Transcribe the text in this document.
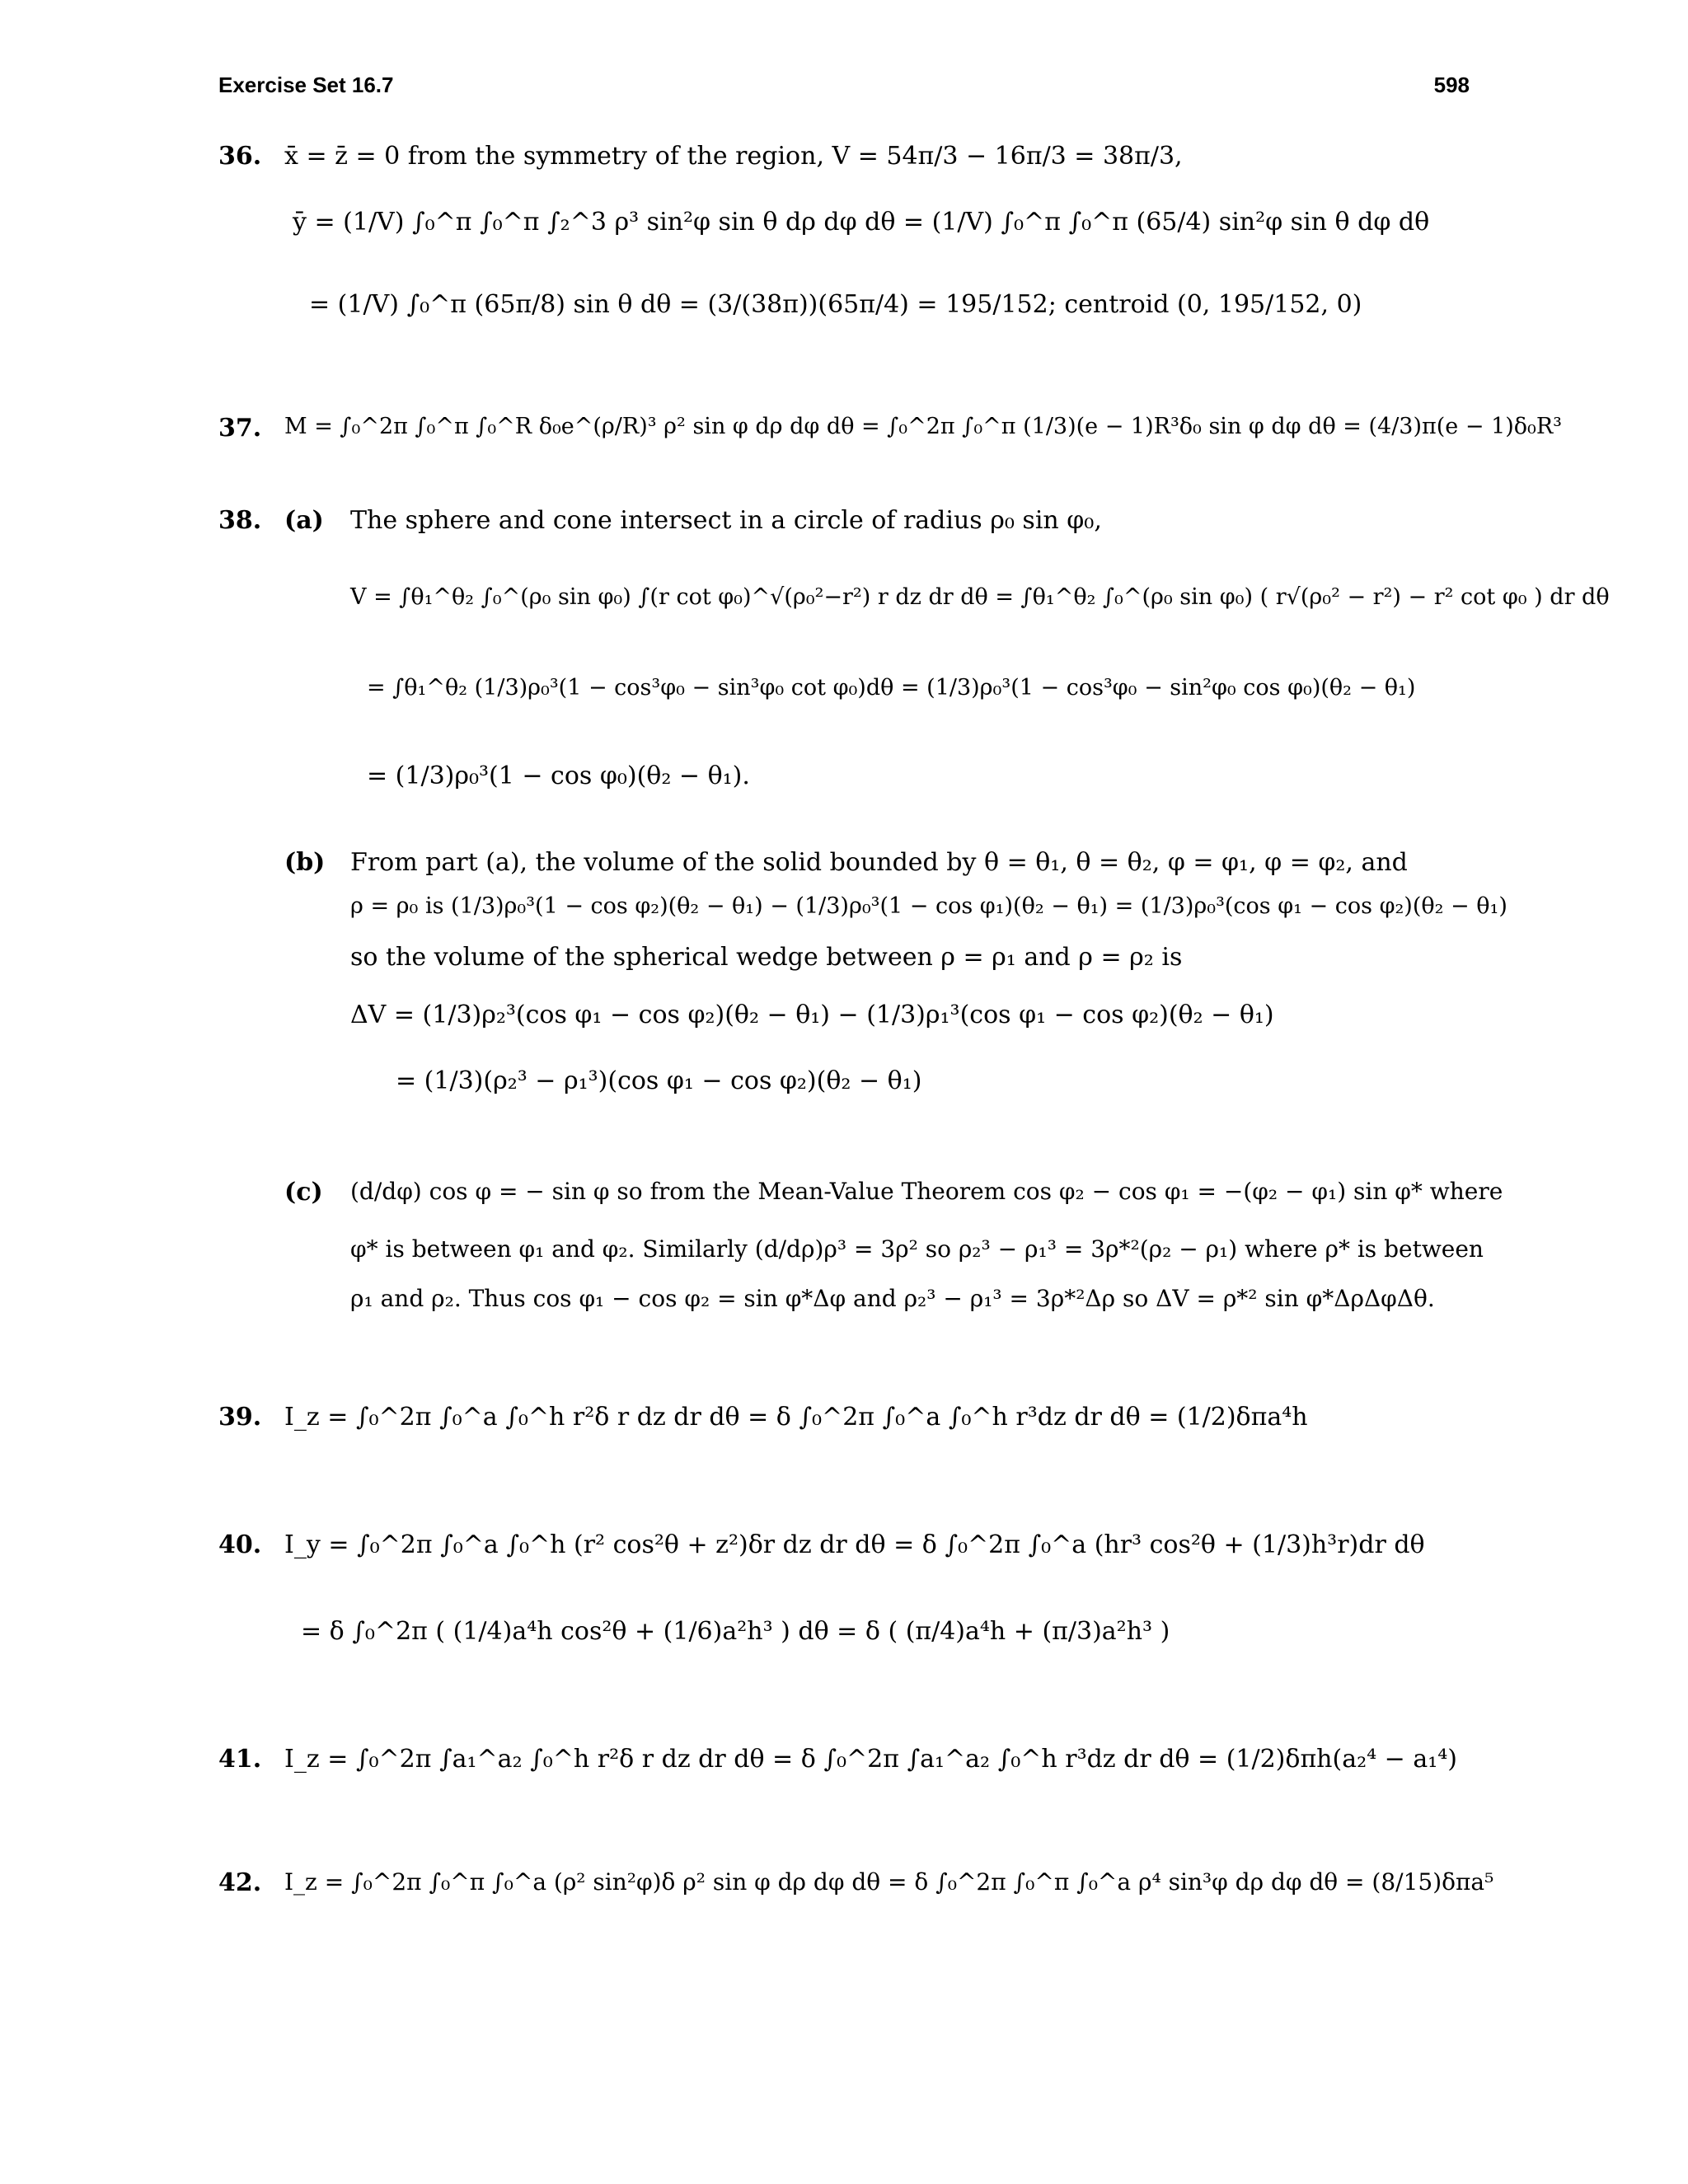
Exercise Set 16.7	598
36. x̄ = z̄ = 0 from the symmetry of the region, V = 54π/3 − 16π/3 = 38π/3,
ȳ = (1/V) ∫₀^π ∫₀^π ∫₂^3 ρ³ sin²φ sin θ dρ dφ dθ = (1/V) ∫₀^π ∫₀^π (65/4) sin²φ sin θ dφ dθ
= (1/V) ∫₀^π (65π/8) sin θ dθ = (3/(38π))(65π/4) = 195/152; centroid (0, 195/152, 0)
37. M = ∫₀^2π ∫₀^π ∫₀^R δ₀e^(ρ/R)³ ρ² sin φ dρ dφ dθ = ∫₀^2π ∫₀^π (1/3)(e − 1)R³δ₀ sin φ dφ dθ = (4/3)π(e − 1)δ₀R³
38. (a) The sphere and cone intersect in a circle of radius ρ₀ sin φ₀,
V = ∫θ₁^θ₂ ∫₀^(ρ₀ sin φ₀) ∫(r cot φ₀)^√(ρ₀²−r²) r dz dr dθ = ∫θ₁^θ₂ ∫₀^(ρ₀ sin φ₀) ( r√(ρ₀² − r²) − r² cot φ₀ ) dr dθ
= ∫θ₁^θ₂ (1/3)ρ₀³(1 − cos³φ₀ − sin³φ₀ cot φ₀)dθ = (1/3)ρ₀³(1 − cos³φ₀ − sin²φ₀ cos φ₀)(θ₂ − θ₁)
= (1/3)ρ₀³(1 − cos φ₀)(θ₂ − θ₁).
(b) From part (a), the volume of the solid bounded by θ = θ₁, θ = θ₂, φ = φ₁, φ = φ₂, and
ρ = ρ₀ is (1/3)ρ₀³(1 − cos φ₂)(θ₂ − θ₁) − (1/3)ρ₀³(1 − cos φ₁)(θ₂ − θ₁) = (1/3)ρ₀³(cos φ₁ − cos φ₂)(θ₂ − θ₁)
so the volume of the spherical wedge between ρ = ρ₁ and ρ = ρ₂ is
ΔV = (1/3)ρ₂³(cos φ₁ − cos φ₂)(θ₂ − θ₁) − (1/3)ρ₁³(cos φ₁ − cos φ₂)(θ₂ − θ₁)
= (1/3)(ρ₂³ − ρ₁³)(cos φ₁ − cos φ₂)(θ₂ − θ₁)
(c) (d/dφ) cos φ = − sin φ so from the Mean-Value Theorem cos φ₂ − cos φ₁ = −(φ₂ − φ₁) sin φ* where
φ* is between φ₁ and φ₂. Similarly (d/dρ)ρ³ = 3ρ² so ρ₂³ − ρ₁³ = 3ρ*²(ρ₂ − ρ₁) where ρ* is between
ρ₁ and ρ₂. Thus cos φ₁ − cos φ₂ = sin φ*Δφ and ρ₂³ − ρ₁³ = 3ρ*²Δρ so ΔV = ρ*² sin φ*ΔρΔφΔθ.
39. I_z = ∫₀^2π ∫₀^a ∫₀^h r²δ r dz dr dθ = δ ∫₀^2π ∫₀^a ∫₀^h r³dz dr dθ = (1/2)δπa⁴h
40. I_y = ∫₀^2π ∫₀^a ∫₀^h (r² cos²θ + z²)δr dz dr dθ = δ ∫₀^2π ∫₀^a (hr³ cos²θ + (1/3)h³r)dr dθ
= δ ∫₀^2π ( (1/4)a⁴h cos²θ + (1/6)a²h³ ) dθ = δ ( (π/4)a⁴h + (π/3)a²h³ )
41. I_z = ∫₀^2π ∫a₁^a₂ ∫₀^h r²δ r dz dr dθ = δ ∫₀^2π ∫a₁^a₂ ∫₀^h r³dz dr dθ = (1/2)δπh(a₂⁴ − a₁⁴)
42. I_z = ∫₀^2π ∫₀^π ∫₀^a (ρ² sin²φ)δ ρ² sin φ dρ dφ dθ = δ ∫₀^2π ∫₀^π ∫₀^a ρ⁴ sin³φ dρ dφ dθ = (8/15)δπa⁵
